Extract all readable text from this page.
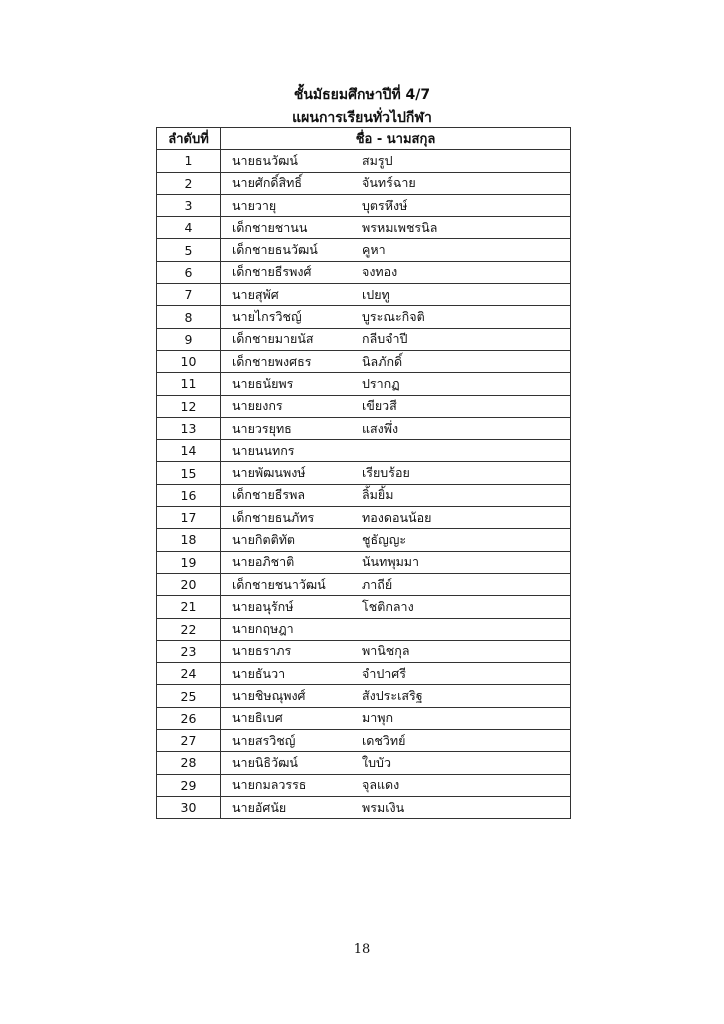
ชั้นมัธยมศึกษาปีที่ 4/7
แผนการเรียนทั่วไปกีฬา
ลำดับที่	ชื่อ - นามสกุล
1	นายธนวัฒน์ สมรูป
2	นายศักดิ์สิทธิ์ จันทร์ฉาย
3	นายวายุ บุตรหึงษ์
4	เด็กชายชานน พรหมเพชรนิล
5	เด็กชายธนวัฒน์ คูหา
6	เด็กชายธีรพงศ์ จงทอง
7	นายสุพัศ เปยทู
8	นายไกรวิชญ์ บูระณะกิจติ
9	เด็กชายมายนัส กลีบจำปี
10	เด็กชายพงศธร นิลภักดิ์
11	นายธนัยพร ปรากฏ
12	นายยงกร เขียวสี
13	นายวรยุทธ แสงพึ่ง
14	นายนนทกร
15	นายพัฒนพงษ์ เรียบร้อย
16	เด็กชายธีรพล ลิ้มยิ้ม
17	เด็กชายธนภัทร ทองดอนน้อย
18	นายกิตติทัต ชูธัญญะ
19	นายอภิชาติ นันทพุมมา
20	เด็กชายชนาวัฒน์ ภาถีย์
21	นายอนุรักษ์ โชติกลาง
22	นายกฤษฎา
23	นายธราภร พานิชกุล
24	นายธันวา จำปาศรี
25	นายชิษณุพงศ์ สังประเสริฐ
26	นายธิเบศ มาพุก
27	นายสรวิชญ์ เดชวิทย์
28	นายนิธิวัฒน์ ใบบัว
29	นายกมลวรรธ จุลแดง
30	นายอัศนัย พรมเงิน
18
